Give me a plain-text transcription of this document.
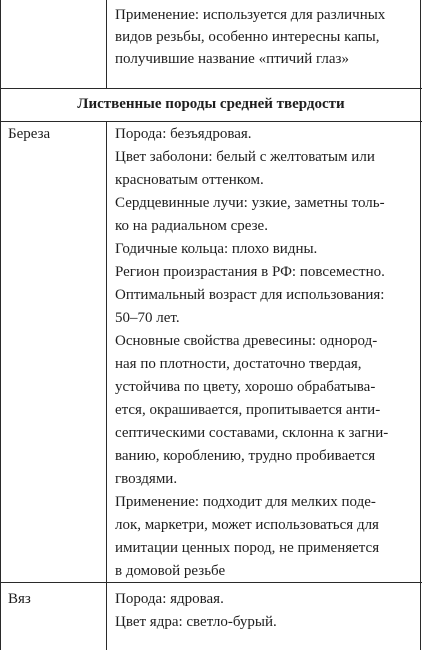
Применение: используется для различных
видов резьбы, особенно интересны капы,
получившие название «птичий глаз»
Лиственные породы средней твердости
Береза	Порода: безъядровая.
Цвет заболони: белый с желтоватым или
красноватым оттенком.
Сердцевинные лучи: узкие, заметны толь-
ко на радиальном срезе.
Годичные кольца: плохо видны.
Регион произрастания в РФ: повсеместно.
Оптимальный возраст для использования:
50–70 лет.
Основные свойства древесины: однород-
ная по плотности, достаточно твердая,
устойчива по цвету, хорошо обрабатыва-
ется, окрашивается, пропитывается анти-
септическими составами, склонна к загни-
ванию, короблению, трудно пробивается
гвоздями.
Применение: подходит для мелких поде-
лок, маркетри, может использоваться для
имитации ценных пород, не применяется
в домовой резьбе
Вяз	Порода: ядровая.
Цвет ядра: светло-бурый.
